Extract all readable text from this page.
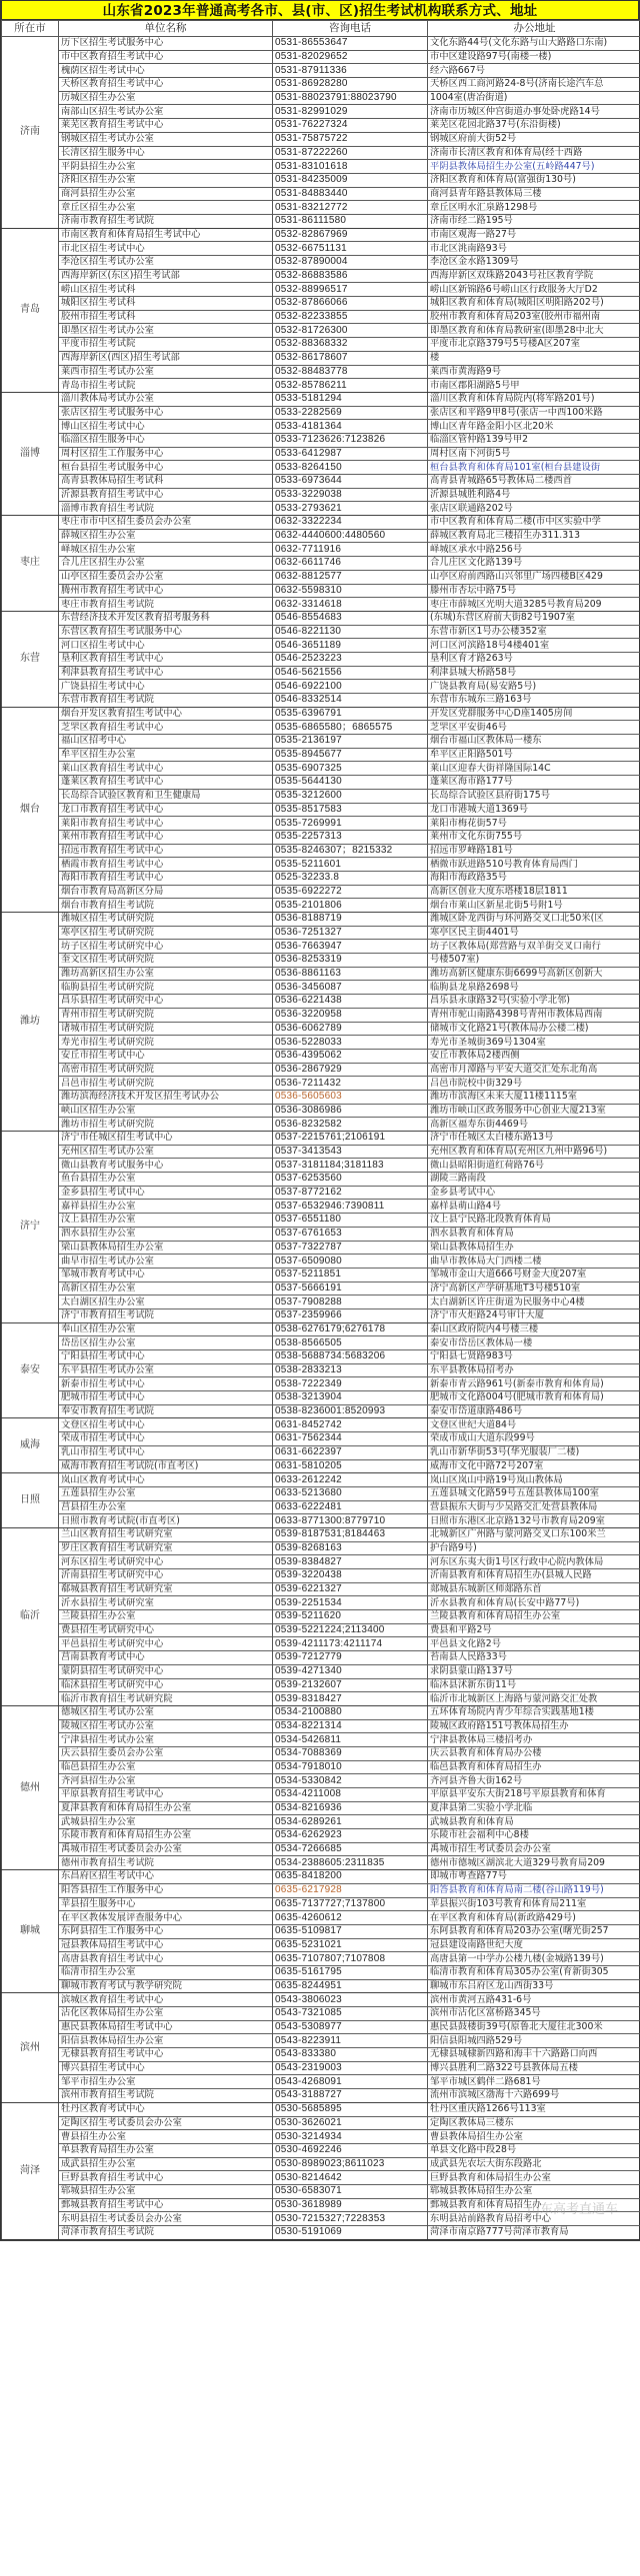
山东省2023年普通高考各市、县(市、区)招生考试机构联系方式、地址
所在市	单位名称	咨询电话	办公地址
济南	历下区招生考试服务中心	0531-86553647	文化东路44号(文化东路与山大路路口东南)
	市中区教育招生考试中心	0531-82029652	市中区建设路97号(南楼一楼)
	槐荫区招生考试中心	0531-87911336	经六路667号
	天桥区教育招生考试中心	0531-86928280	天桥区西工商河路24-8号(济南长途汽车总
	历城区招生办公室	0531-88023791:88023790	1004室(唐冶街道)
	南部山区招生考试办公室	0531-82991029	济南市历城区仲宫街道办事处卧虎路14号
	莱芜区教育招生考试中心	0531-76227324	莱芜区花园北路37号(东沿街楼)
	钢城区招生考试办公室	0531-75875722	钢城区府前大街52号
	长清区招生服务中心	0531-87222260	济南市长清区教育和体育局(经十西路
	平阴县招生办公室	0531-83101618	平阴县教体局招生办公室(五岭路447号)
	济阳区招生办公室	0531-84235009	济阳区教育和体育局(富强街130号)
	商河县招生办公室	0531-84883440	商河县青年路县教体局三楼
	章丘区招生办公室	0531-83212772	章丘区明水汇泉路1298号
	济南市教育招生考试院	0531-86111580	济南市经二路195号
青岛	市南区教育和体育局招生考试中心	0532-82867969	市南区观海一路27号
	市北区招生考试中心	0532-66751131	市北区洮南路93号
	李沧区招生考试办公室	0532-87890004	李沧区金水路1309号
	西海岸新区(东区)招生考试部	0532-86883586	西海岸新区双珠路2043号社区教育学院
	崂山区招生考试科	0532-88996517	崂山区新锦路6号崂山区行政服务大厅D2
	城阳区招生考试科	0532-87866066	城阳区教育和体育局(城阳区明阳路202号)
	胶州市招生考试科	0532-82233855	胶州市教育和体育局203室(胶州市福州南
	即墨区招生考试办公室	0532-81726300	即墨区教育和体育局教研室(即墨28中北大
	平度市招生考试院	0532-88368332	平度市北京路379号5号楼A区207室
	西海岸新区(西区)招生考试部	0532-86178607	楼
	莱西市招生考试办公室	0532-88483778	莱西市黄海路9号
	青岛市招生考试院	0532-85786211	市南区郡阳湖路5号甲
淄博	淄川教体局考试办公室	0533-5181294	淄川区教育和体育局院内(将军路201号)
	张店区招生考试服务中心	0533-2282569	张店区和平路9甲8号(张店一中西100米路
	博山区招生考试中心	0533-4181364	博山区青年路金阳小区北20米
	临淄区招生服务中心	0533-7123626:7123826	临淄区管仲路139号甲2
	周村区招生工作服务中心	0533-6412987	周村区南下河街5号
	桓台县招生考试服务中心	0533-8264150	桓台县教育和体育局101室(桓台县建设街
	高青县教体局招生考试科	0533-6973644	高青县青城路65号教体局二楼西首
	沂源县教育招生考试中心	0533-3229038	沂源县城胜利路4号
	淄博市教育招生考试院	0533-2793621	张店区联通路202号
枣庄	枣庄市市中区招生委员会办公室	0632-3322234	市中区教育和体育局二楼(市中区实验中学
	薛城区招生办公室	0632-4440600:4480560	薛城区教育局北三楼招生办311.313
	峄城区招生办公室	0632-7711916	峄城区承水中路256号
	合儿庄区招生办公室	0632-6611746	合儿庄区文化路139号
	山亭区招生委员会办公室	0632-8812577	山亭区府前西路山兴邻里广场四楼B区429
	腾州市教育招生考试中心	0632-5598310	滕州市杏坛中路75号
	枣庄市教育招生考试院	0632-3314618	枣庄市薛城区光明大道3285号教育局209
东营	东营经济技术开发区教育招考服务科	0546-8554683	(东城)东营区府前大街82号1907室
	东营区教育招生考试服务中心	0546-8221130	东营市新区1号办公楼352室
	河口区招生考试中心	0546-3651189	河口区河滨路18号4楼401室
	垦利区教育招生考试中心	0546-2523223	垦利区育才路263号
	利津县教育招生考试中心	0546-5621556	利津县城大桥路58号
	广饶县招生考试中心	0546-6922100	广饶县教育局(易安路5号)
	东营市教育招生考试院	0546-8332514	东营市东城东三路163号
烟台	烟台开发区教育招生考试中心	0535-6396791	开发区党群服务中心D座1405房间
	芝罘区教育招生考试中心	0535-6865580；6865575	芝罘区平安街46号
	福山区招考中心	0535-2136197	烟台市福山区教体局一楼东
	牟平区招生办公室	0535-8945677	牟平区正阳路501号
	莱山区教育招生考试中心	0535-6907325	莱山区迎春大街祥隆国际14C
	蓬莱区教育招生考试中心	0535-5644130	蓬莱区海市路177号
	长岛综合试验区教育和卫生健康局	0535-3212600	长岛综合试验区县府街175号
	龙口市教育招生考试中心	0535-8517583	龙口市港城大道1369号
	莱阳市教育招生考试中心	0535-7269991	莱阳市梅花街57号
	莱州市教育招生考试中心	0535-2257313	莱州市文化东街755号
	招远市教育招生考试中心	0535-8246307；8215332	招远市罗峰路181号
	栖霞市教育招生考试中心	0535-5211601	栖微市跃进路510号教育体育局西门
	海阳市教育招生考试中心	0525-32233.8	海阳市海政路35号
	烟台市教育局高新区分局	0535-6922272	高新区创业大度东塔楼18层1811
	烟台市教育招生考试院	0535-2101806	烟台市莱山区新星北街5号附1号
潍坊	潍城区招生考试研究院	0536-8188719	潍城区卧龙西街与环河路交叉口北50米(区
	寒亭区招生考试研究院	0536-7251327	寒亭区民主街4401号
	坊子区招生考试研究中心	0536-7663947	坊子区教体局(郑营路与双羊街交叉口南行
	奎文区招生考试研究院	0536-8253319	号楼507室)
	潍坊高新区招生办公室	0536-8861163	潍坊高新区健康东街6699号高新区创新大
	临朐县招生考试研究院	0536-3456087	临朐县龙泉路2698号
	昌乐县招生考试研究中心	0536-6221438	昌乐县永康路32号(实验小学北邻)
	青州市招生考试研究院	0536-3220958	青州市驼山南路4398号青州市教体局西南
	诸城市招生考试研究院	0536-6062789	储城市文化路21号(教体局办公楼二楼)
	寿光市招生考试研究院	0536-5228033	寿光市圣城街369号1304室
	安丘市招生考试中心	0536-4395062	安丘市教体局2楼西侧
	高密市招生考试研究院	0536-2867929	高密市月潭路与平安大道交汇处东北角高
	吕邑市招生考试研究院	0536-7211432	吕邑市院校中街329号
	潍坊滨海经济技术开发区招生考试办公	0536-5605603	潍坊市滨海区未来大厦11楼1115室
	峡山区招生办公室	0536-3086986	潍坊市峡山区政务服务中心创业大厦213室
	潍坊市招生考试研究院	0536-8232582	高新区福寿东街4469号
济宁	济宁市任城区招生考试中心	0537-2215761;2106191	济宁市任城区太白楼东路13号
	充州区招生考试办公室	0537-3413543	充州区教育和体育局(充州区九州中路96号)
	微山县教育考试服务中心	0537-3181184;3181183	微山县昭阳街道红荷路76号
	鱼台县招生办公室	0537-6253560	湖陵三路南段
	金乡县招生考试中心	0537-8772162	金乡县考试中心
	嘉祥县招生办公室	0537-6532946:7390811	嘉样县萌山路4号
	汶上县招生办公室	0537-6551180	汶上县宁民路北段教育体育局
	泗水县招生办公室	0537-6761653	泗水县教育和体育局
	梁山县教体局招生办公室	0537-7322787	梁山县教体局招生办
	曲早市招生考试办公室	0537-6509080	曲早市教体局大门西楼二楼
	邹城市教育考试中心	0537-5211851	邹城市金山大道666号财金大度207室
	高新区招生办公室	0537-5666191	济宁高新区产学研基地T3号楼510室
	太白湖区招生办公室	0537-7908288	太白湖新区许庄街道为民服务中心4楼
	济宁市教育招生考试院	0537-2359966	济宁市火炬路24号审计大厦
泰安	奉山区招生办公室	0538-6276179;6276178	泰山区政府院内4号楼三楼
	岱岳区招生办公室	0538-8566505	泰安市岱岳区教体局一楼
	宁阳县招生考试中心	0538-5688734:5683206	宁阳县七贤路983号
	东平县招生考试办公室	0538-2833213	东平县教体局招考办
	新泰市招生考试中心	0538-7222349	新泰市青云路961号(新泰市教育和体育局)
	肥城市招生考试中心	0538-3213904	肥城市文化路004号(肥城市教育和体育局)
	奉安市教育招生考试院	0538-8236001:8520993	泰安市岱道康路486号
威海	文登区招生考试中心	0631-8452742	文登区世纪大道84号
	荣成市招生考试中心	0631-7562344	荣成市成山大道东段99号
	乳山市招生考试中心	0631-6622397	乳山市新华街53号(华光服装厂二楼)
	威海市教育招生考试院(市直考区)	0631-5810205	威海市文化中路72号207室
日照	岚山区教育考试中心	0633-2612242	岚山区岚山中路19号岚山教体局
	五莲县招生办公室	0633-5213680	五莲县城文化路59号五莲县教体局100室
	莒县招生办公室	0633-6222481	营县振东大街与少吴路交汇处营县教体局
	日照市教育考试院(市直考区)	0633-8771300:8779710	日照市东港区北京路132号市教育局209室
临沂	兰山区教育招生考试研究室	0539-8187531;8184463	北城新区广州路与蒙河路交叉口东100米兰
	罗庄区教育招生考试研究室	0539-8268163	护台路9号)
	河东区招生考试研究中心	0539-8384827	河东区东夷大街1号区行政中心院内教体局
	沂南县招生考试研究中心	0539-3220438	沂南县教育和体育局招生办(县城人民路
	郗城县教育招生考试研究室	0539-6221327	郯城县东城新区师郯路东首
	沂水县招生考试研究室	0539-2251534	沂水县教育和体育局(长安中路77号)
	兰陵县招生办公室	0539-5211620	兰陵县教育和体育局招生办公室
	费县招生考试研究中心	0539-5221224;2113400	费县和平路2号
	平邑县招生考试研究中心	0539-4211173:4211174	平邑县文化路2号
	莒南县教育考试中心	0539-7212779	苔南县人民路33号
	蒙阴县招生考试研究中心	0539-4271340	求阴县蒙山路137号
	临沭县招生考试研究中心	0539-2132607	临沐县沭新东街11号
	临沂市教育招生考试研究院	0539-8318427	临沂市北城新区上海路与蒙河路交汇处教
德州	德城区招生考试办公室	0534-2100880	五环体育场院内青少年综合实践基地1楼
	陵城区招生考试办公室	0534-8221314	陵城区政府路151号教体局招生办
	宁津县招生考试办公室	0534-5426811	宁津县教体局三楼招考办
	庆云县招生委员会办公室	0534-7088369	庆云县教育和体育局办公楼
	临邑县招生办公室	0534-7918010	临邑县教育和体育局招生办
	齐河县招生办公室	0534-5330842	齐河县齐鲁大街162号
	平原县教育招生考试中心	0534-4211008	平原县平安东大街218号平原县教育和体育
	夏津县教育和体育局招生办公室	0534-8216936	夏津县第二实验小学北临
	武城县招生办公室	0534-6289261	武城县教育和体育局
	乐陵市教育和体育局招生办公室	0534-6262923	乐陵市社会福利中心8楼
	禹城市招生考试委员会办公室	0534-7266685	禹城市招生考试委员会办公室
	德州市教育招生考试院	0534-2388605:2311835	德州市德城区湖滨北大道329号教育局209
聊城	东昌府区招生考试中心	0635-8418200	即城市粤查路77号
	阳答县招生工作服务中心	0635-6217928	阳答县教育和体育局南二楼(谷山路119号)
	苹县招生服务中心	0635-7137727;7137800	苹县振兴街103号教育和体育局211室
	在平区教体发展评查服务中心	0635-4260612	在平区教育和体育局(新政路429号)
	东阿县招生工作服务中心	0635-5109817	东阿县教育和体育局203办公室(曙光街257
	冠县教体局招生考试中心	0635-5231021	冠县建设南路世纪大度
	高唐县教育招生考试中心	0635-7107807;7107808	高唐县第一中学办公楼九楼(金城路139号)
	临清市招生办公室	0635-5161795	临清市教育和体育局305办公室(育新街305
	聊城市教育考试与教学研究院	0635-8244951	聊城市东吕府区龙山西街33号
滨州	滨城区教育招生考试中心	0543-3806023	滨州市黄河五路431-6号
	沾化区教体局招生办公室	0543-7321085	滨州市沾化区富桥路345号
	惠民县教体局招生考试中心	0543-5308977	惠民县鼓楼街39号(原鲁北大厦往北300米
	阳信县教体局招生办公室	0543-8223911	阳信县阳城四路529号
	无棣县教育招生考试中心	0543-833380	无棣县城棣新四路和海丰十六路路口向西
	博兴县招生考试中心	0543-2319003	博兴县胜利二路322号县教体局五楼
	邹平市招生办公室	0543-4268091	邹平市城区鹤伴二路681号
	滨州市教育招生考试院	0543-3188727	流州市滨城区渤海十六路699号
菏泽	牡丹区教育考试中心	0530-5685895	牡丹区重庆路1266号113室
	定陶区招生考试委员会办公室	0530-3626021	定陶区教体局三楼东
	曹县招生办公室	0530-3214934	曹县教体局招生办公室
	单县教育局招生办公室	0530-4692246	单县文化路中段28号
	成武县招生办公室	0530-8989023;8611023	成武县先农坛大街东段路北
	巨野县教育招生考试中心	0530-8214642	巨野县教育和体局招生办公室
	郓城县招生办公室	0530-6583071	郓城县教体局招生办公室
	鄄城县教育招生考试中心	0530-3618989	鄄城县教育和体育局招生办
	东明县招生考试委员会办公室	0530-7215327;7228353	东明县站前路教育局招考中心
	菏泽市教育招生考试院	0530-5191069	菏泽市南京路777号菏泽市教育局
山东高考直通车
